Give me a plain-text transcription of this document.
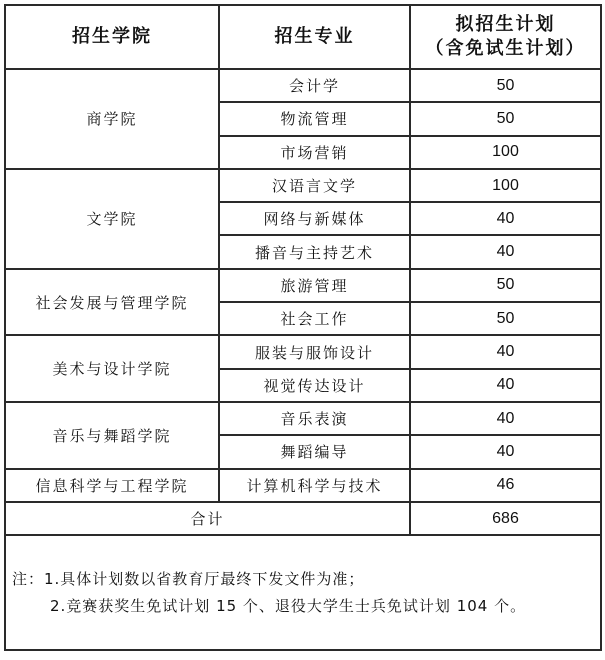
招生学院	招生专业	拟招生计划
（含免试生计划）
商学院	会计学	50
	物流管理	50
	市场营销	100
文学院	汉语言文学	100
	网络与新媒体	40
	播音与主持艺术	40
社会发展与管理学院	旅游管理	50
	社会工作	50
美术与设计学院	服装与服饰设计	40
	视觉传达设计	40
音乐与舞蹈学院	音乐表演	40
	舞蹈编导	40
信息科学与工程学院	计算机科学与技术	46
合计		686

注：1.具体计划数以省教育厅最终下发文件为准；
2.竞赛获奖生免试计划 15 个、退役大学生士兵免试计划 104 个。		
